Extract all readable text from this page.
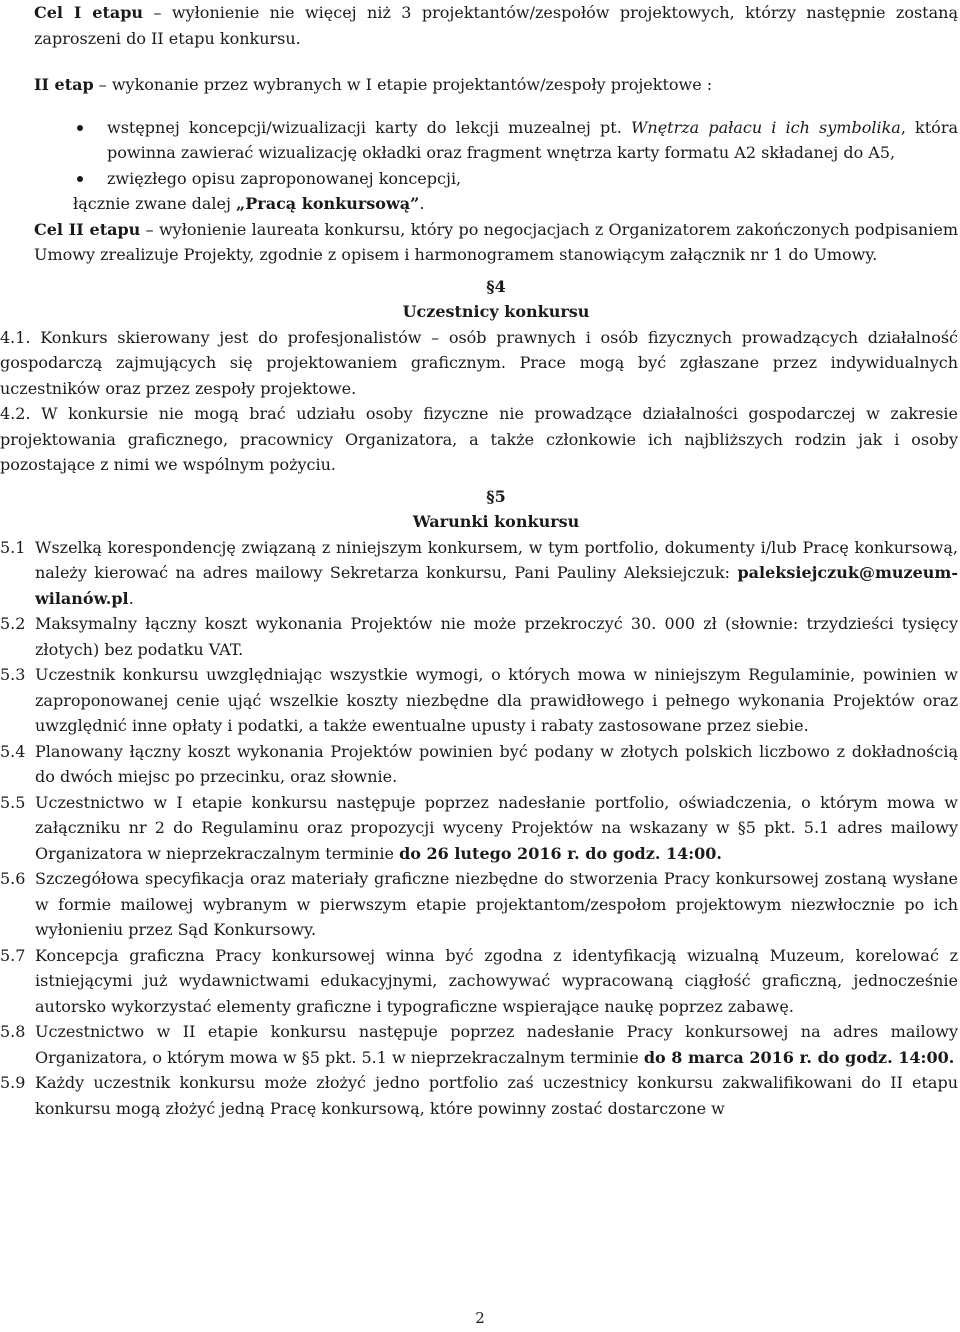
Cel I etapu – wyłonienie nie więcej niż 3 projektantów/zespołów projektowych, którzy następnie zostaną zaproszeni do II etapu konkursu.

II etap – wykonanie przez wybranych w I etapie projektantów/zespoły projektowe :

wstępnej koncepcji/wizualizacji karty do lekcji muzealnej pt. Wnętrza pałacu i ich symbolika, która powinna zawierać wizualizację okładki oraz fragment wnętrza karty formatu A2 składanej do A5,
zwięzłego opisu zaproponowanej koncepcji,

łącznie zwane dalej „Pracą konkursową”.

Cel II etapu – wyłonienie laureata konkursu, który po negocjacjach z Organizatorem zakończonych podpisaniem Umowy zrealizuje Projekty, zgodnie z opisem i harmonogramem stanowiącym załącznik nr 1 do Umowy.

§4
Uczestnicy konkursu

4.1. Konkurs skierowany jest do profesjonalistów – osób prawnych i osób fizycznych prowadzących działalność gospodarczą zajmujących się projektowaniem graficznym. Prace mogą być zgłaszane przez indywidualnych uczestników oraz przez zespoły projektowe.

4.2. W konkursie nie mogą brać udziału osoby fizyczne nie prowadzące działalności gospodarczej w zakresie projektowania graficznego, pracownicy Organizatora, a także członkowie ich najbliższych rodzin jak i osoby pozostające z nimi we wspólnym pożyciu.

§5
Warunki konkursu
5.1 Wszelką korespondencję związaną z niniejszym konkursem, w tym portfolio, dokumenty i/lub Pracę konkursową, należy kierować na adres mailowy Sekretarza konkursu, Pani Pauliny Aleksiejczuk: paleksiejczuk@muzeum-wilanów.pl.
5.2 Maksymalny łączny koszt wykonania Projektów nie może przekroczyć 30. 000 zł (słownie: trzydzieści tysięcy złotych) bez podatku VAT.
5.3 Uczestnik konkursu uwzględniając wszystkie wymogi, o których mowa w niniejszym Regulaminie, powinien w zaproponowanej cenie ująć wszelkie koszty niezbędne dla prawidłowego i pełnego wykonania Projektów oraz uwzględnić inne opłaty i podatki, a także ewentualne upusty i rabaty zastosowane przez siebie.
5.4 Planowany łączny koszt wykonania Projektów powinien być podany w złotych polskich liczbowo z dokładnością do dwóch miejsc po przecinku, oraz słownie.
5.5 Uczestnictwo w I etapie konkursu następuje poprzez nadesłanie portfolio, oświadczenia, o którym mowa w załączniku nr 2 do Regulaminu oraz propozycji wyceny Projektów na wskazany w §5 pkt. 5.1 adres mailowy Organizatora w nieprzekraczalnym terminie do 26 lutego 2016 r. do godz. 14:00.
5.6 Szczegółowa specyfikacja oraz materiały graficzne niezbędne do stworzenia Pracy konkursowej zostaną wysłane w formie mailowej wybranym w pierwszym etapie projektantom/zespołom projektowym niezwłocznie po ich wyłonieniu przez Sąd Konkursowy.
5.7 Koncepcja graficzna Pracy konkursowej winna być zgodna z identyfikacją wizualną Muzeum, korelować z istniejącymi już wydawnictwami edukacyjnymi, zachowywać wypracowaną ciągłość graficzną, jednocześnie autorsko wykorzystać elementy graficzne i typograficzne wspierające naukę poprzez zabawę.
5.8 Uczestnictwo w II etapie konkursu następuje poprzez nadesłanie Pracy konkursowej na adres mailowy Organizatora, o którym mowa w §5 pkt. 5.1 w nieprzekraczalnym terminie do 8 marca 2016 r. do godz. 14:00.
5.9 Każdy uczestnik konkursu może złożyć jedno portfolio zaś uczestnicy konkursu zakwalifikowani do II etapu konkursu mogą złożyć jedną Pracę konkursową, które powinny zostać dostarczone w
2
